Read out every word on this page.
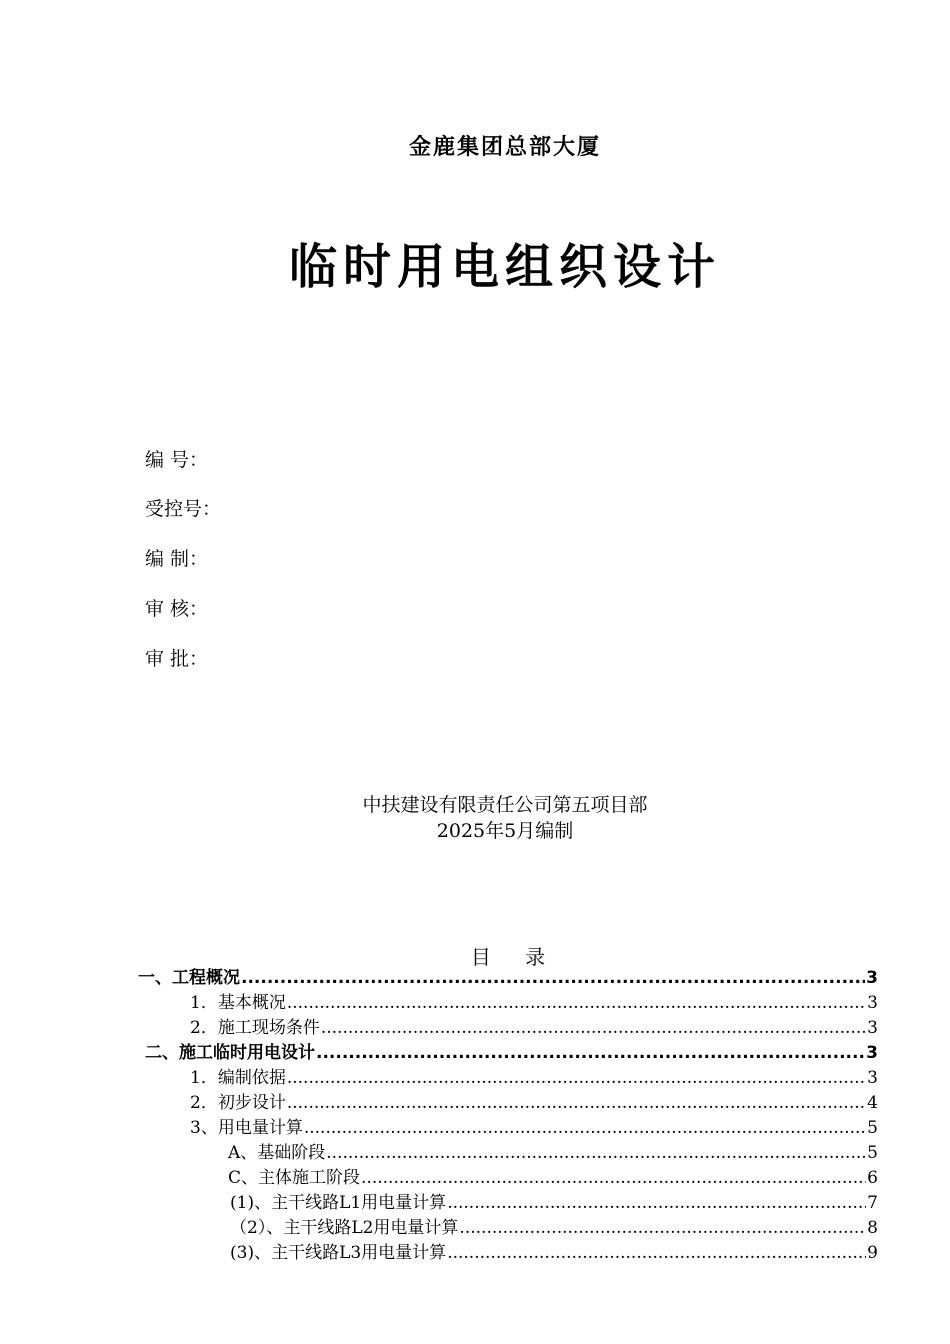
金鹿集团总部大厦
临时用电组织设计
编 号：
受控号：
编 制：
审 核：
审 批：
中扶建设有限责任公司第五项目部
2025年5月编制
目 录
一、工程概况 .....	3
1．基本概况 .....	3
2．施工现场条件 .....	3
二、施工临时用电设计 .....	3
1．编制依据 .....	3
2．初步设计 .....	4
3、用电量计算 .....	5
A、基础阶段 .....	5
C、主体施工阶段 .....	6
(1)、主干线路L1用电量计算 .....	7
（2）、主干线路L2用电量计算 .....	8
(3)、主干线路L3用电量计算 .....	9
